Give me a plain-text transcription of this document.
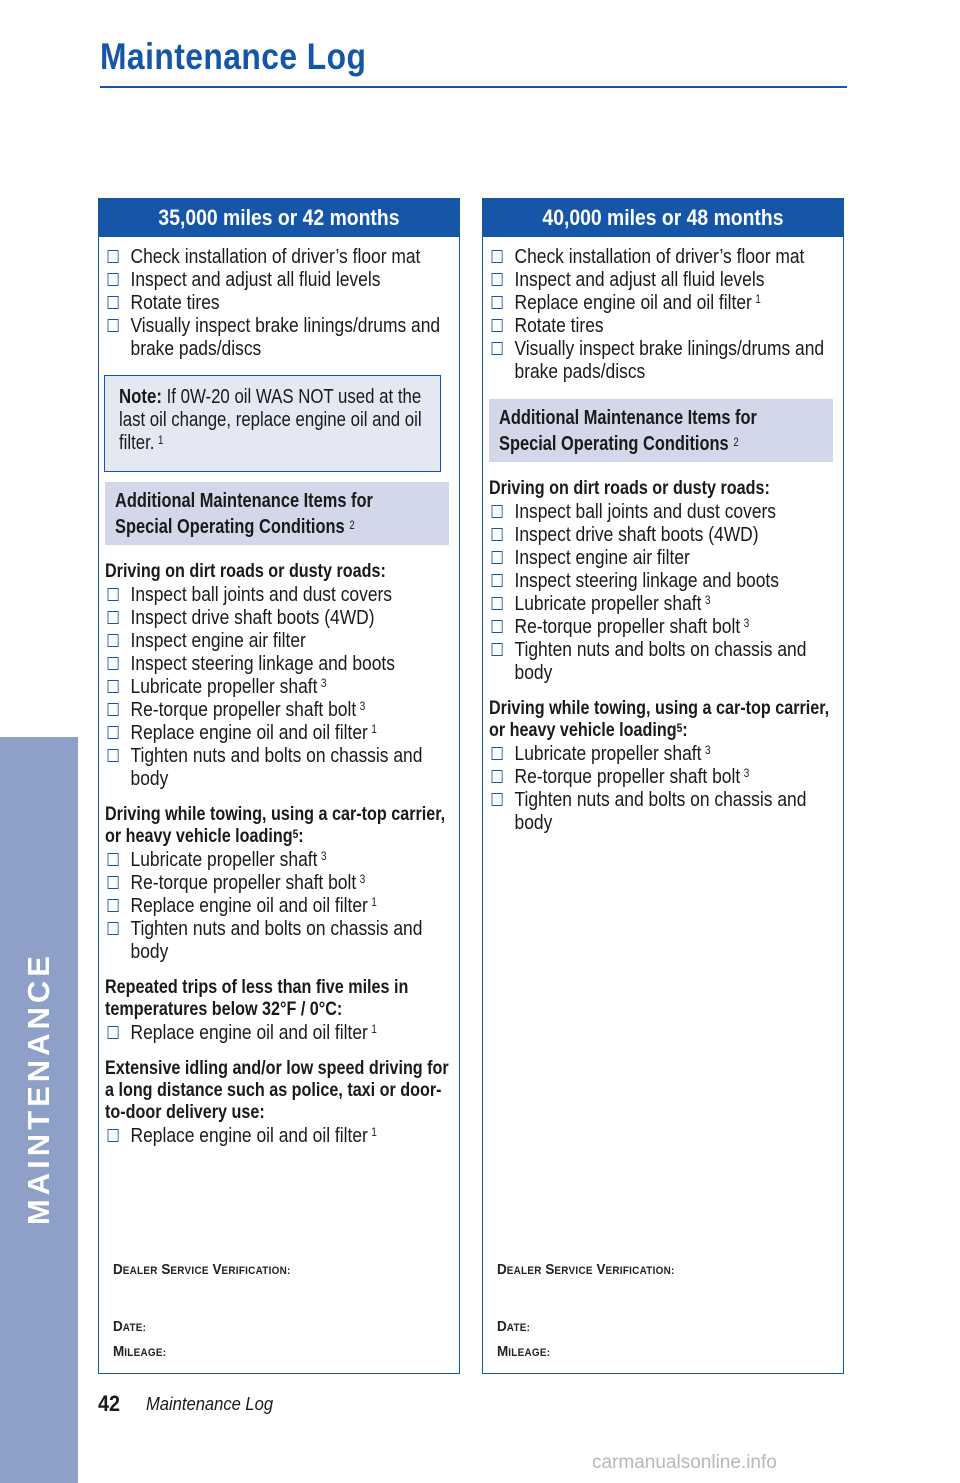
Maintenance Log
MAINTENANCE
35,000 miles or 42 months
Check installation of driver’s floor mat
Inspect and adjust all fluid levels
Rotate tires
Visually inspect brake linings/drums and brake pads/discs
Note: If 0W-20 oil WAS NOT used at the last oil change, replace engine oil and oil filter. $^1$
Additional Maintenance Items for
Special Operating Conditions $^2$
Driving on dirt roads or dusty roads:
Inspect ball joints and dust covers
Inspect drive shaft boots (4WD)
Inspect engine air filter
Inspect steering linkage and boots
Lubricate propeller shaft $^3$
Re-torque propeller shaft bolt $^3$
Replace engine oil and oil filter $^1$
Tighten nuts and bolts on chassis and body
Driving while towing, using a car-top carrier, or heavy vehicle loading$^5$:
Lubricate propeller shaft $^3$
Re-torque propeller shaft bolt $^3$
Replace engine oil and oil filter $^1$
Tighten nuts and bolts on chassis and body
Repeated trips of less than five miles in temperatures below 32°F / 0°C:
Replace engine oil and oil filter $^1$
Extensive idling and/or low speed driving for a long distance such as police, taxi or door-to-door delivery use:
Replace engine oil and oil filter $^1$
DEALER SERVICE VERIFICATION:
DATE:
MILEAGE:
40,000 miles or 48 months
Check installation of driver’s floor mat
Inspect and adjust all fluid levels
Replace engine oil and oil filter $^1$
Rotate tires
Visually inspect brake linings/drums and brake pads/discs
Additional Maintenance Items for
Special Operating Conditions $^2$
Driving on dirt roads or dusty roads:
Inspect ball joints and dust covers
Inspect drive shaft boots (4WD)
Inspect engine air filter
Inspect steering linkage and boots
Lubricate propeller shaft $^3$
Re-torque propeller shaft bolt $^3$
Tighten nuts and bolts on chassis and body
Driving while towing, using a car-top carrier, or heavy vehicle loading$^5$:
Lubricate propeller shaft $^3$
Re-torque propeller shaft bolt $^3$
Tighten nuts and bolts on chassis and body
DEALER SERVICE VERIFICATION:
DATE:
MILEAGE:
42 Maintenance Log
carmanualsonline.info
